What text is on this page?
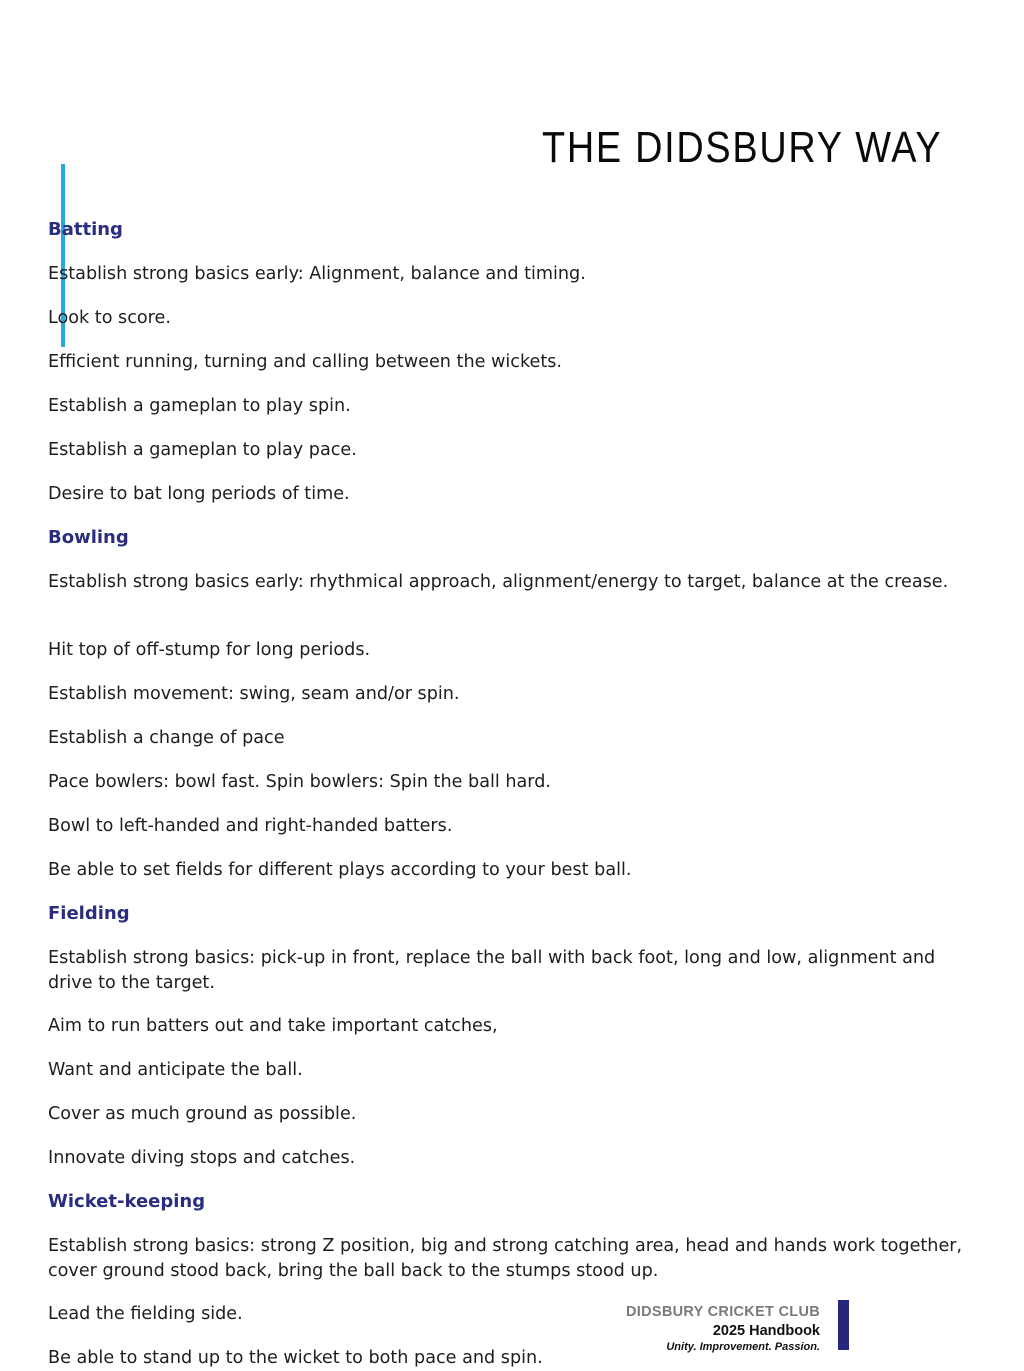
THE DIDSBURY WAY
Batting

Establish strong basics early: Alignment, balance and timing.

Look to score.

Efficient running, turning and calling between the wickets.

Establish a gameplan to play spin.

Establish a gameplan to play pace.

Desire to bat long periods of time.

Bowling

Establish strong basics early: rhythmical approach, alignment/energy to target, balance at the crease.

Hit top of off-stump for long periods.

Establish movement: swing, seam and/or spin.

Establish a change of pace

Pace bowlers: bowl fast. Spin bowlers: Spin the ball hard.

Bowl to left-handed and right-handed batters.

Be able to set fields for different plays according to your best ball.

Fielding

Establish strong basics: pick-up in front, replace the ball with back foot, long and low, alignment and drive to the target.

Aim to run batters out and take important catches,

Want and anticipate the ball.

Cover as much ground as possible.

Innovate diving stops and catches.

Wicket-keeping

Establish strong basics: strong Z position, big and strong catching area, head and hands work together, cover ground stood back, bring the ball back to the stumps stood up.

Lead the fielding side.

Be able to stand up to the wicket to both pace and spin.

DIDSBURY CRICKET CLUB
2025 Handbook
Unity. Improvement. Passion.
